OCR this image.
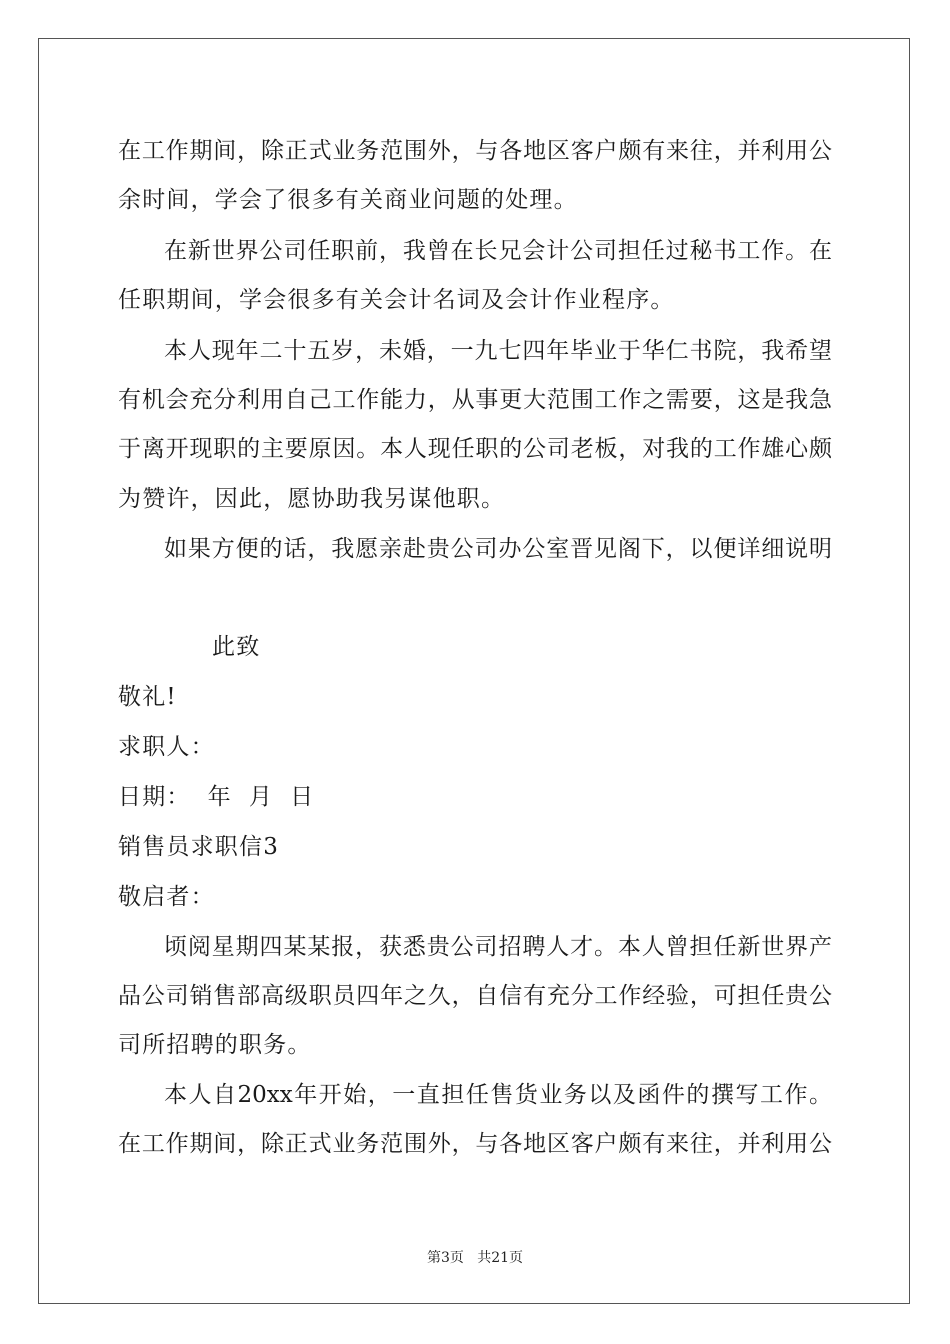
在工作期间，除正式业务范围外，与各地区客户颇有来往，并利用公
余时间，学会了很多有关商业问题的处理。
在新世界公司任职前，我曾在长兄会计公司担任过秘书工作。在
任职期间，学会很多有关会计名词及会计作业程序。
本人现年二十五岁，未婚，一九七四年毕业于华仁书院，我希望
有机会充分利用自己工作能力，从事更大范围工作之需要，这是我急
于离开现职的主要原因。本人现任职的公司老板，对我的工作雄心颇
为赞许，因此，愿协助我另谋他职。
如果方便的话，我愿亲赴贵公司办公室晋见阁下，以便详细说明
此致
敬礼!
求职人：
日期：  年  月  日
销售员求职信3
敬启者：
顷阅星期四某某报，获悉贵公司招聘人才。本人曾担任新世界产
品公司销售部高级职员四年之久，自信有充分工作经验，可担任贵公
司所招聘的职务。
本人自20xx年开始，一直担任售货业务以及函件的撰写工作。
在工作期间，除正式业务范围外，与各地区客户颇有来往，并利用公
第3页   共21页
